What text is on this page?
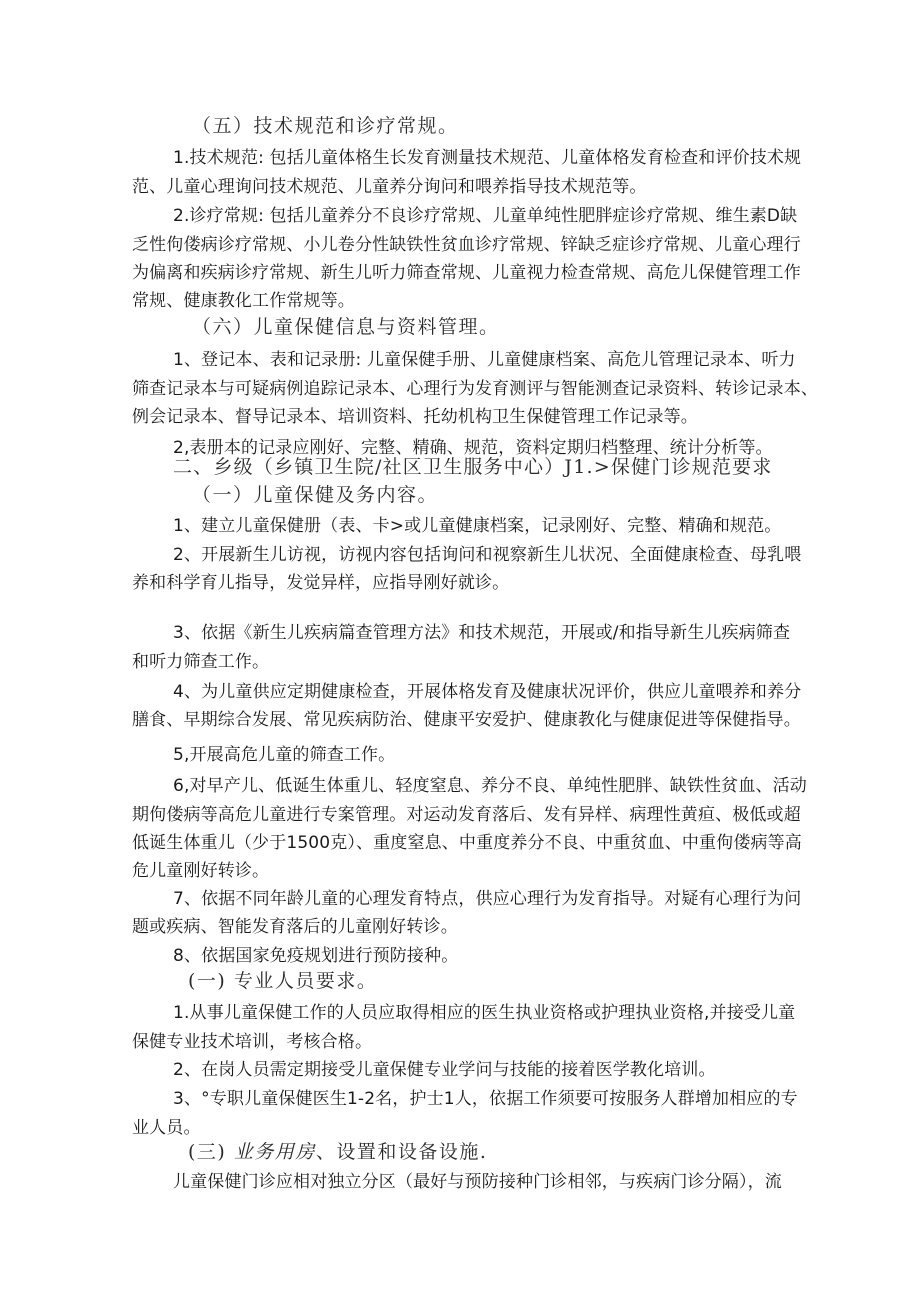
（五）技术规范和诊疗常规。
1.技术规范: 包括儿童体格生长发育测量技术规范、儿童体格发育检查和评价技术规
范、儿童心理询问技术规范、儿童养分询问和喂养指导技术规范等。
2.诊疗常规: 包括儿童养分不良诊疗常规、儿童单纯性肥胖症诊疗常规、维生素D缺
乏性佝偻病诊疗常规、小儿卷分性缺铁性贫血诊疗常规、锌缺乏症诊疗常规、儿童心理行
为偏离和疾病诊疗常规、新生儿听力筛查常规、儿童视力检查常规、高危儿保健管理工作
常规、健康教化工作常规等。
（六）儿童保健信息与资料管理。
1、登记本、表和记录册: 儿童保健手册、儿童健康档案、高危儿管理记录本、听力
筛查记录本与可疑病例追踪记录本、心理行为发育测评与智能测查记录资料、转诊记录本、
例会记录本、督导记录本、培训资料、托幼机构卫生保健管理工作记录等。
2,表册本的记录应刚好、完整、精确、规范，资料定期归档整理、统计分析等。
二、乡级（乡镇卫生院/社区卫生服务中心）J1.>保健门诊规范要求
（一）儿童保健及务内容。
1、建立儿童保健册（表、卡>或儿童健康档案，记录刚好、完整、精确和规范。
2、开展新生儿访视，访视内容包括询问和视察新生儿状况、全面健康检查、母乳喂
养和科学育儿指导，发觉异样，应指导刚好就诊。
3、依据《新生儿疾病篇查管理方法》和技术规范，开展或/和指导新生儿疾病筛查
和听力筛查工作。
4、为儿童供应定期健康检查，开展体格发育及健康状况评价，供应儿童喂养和养分
膳食、早期综合发展、常见疾病防治、健康平安爱护、健康教化与健康促进等保健指导。
5,开展高危儿童的筛查工作。
6,对早产儿、低诞生体重儿、轻度窒息、养分不良、单纯性肥胖、缺铁性贫血、活动
期佝偻病等高危儿童进行专案管理。对运动发育落后、发有异样、病理性黄疸、极低或超
低诞生体重儿（少于1500克）、重度窒息、中重度养分不良、中重贫血、中重佝偻病等高
危儿童刚好转诊。
7、依据不同年龄儿童的心理发育特点，供应心理行为发育指导。对疑有心理行为问
题或疾病、智能发育落后的儿童刚好转诊。
8、依据国家免疫规划进行预防接种。
(一) 专业人员要求。
1.从事儿童保健工作的人员应取得相应的医生执业资格或护理执业资格,并接受儿童
保健专业技术培训，考核合格。
2、在岗人员需定期接受儿童保健专业学问与技能的接着医学教化培训。
3、°专职儿童保健医生1-2名，护士1人，依据工作须要可按服务人群增加相应的专
业人员。
(三) 业务用房、设置和设备设施.
儿童保健门诊应相对独立分区（最好与预防接种门诊相邻，与疾病门诊分隔），流
